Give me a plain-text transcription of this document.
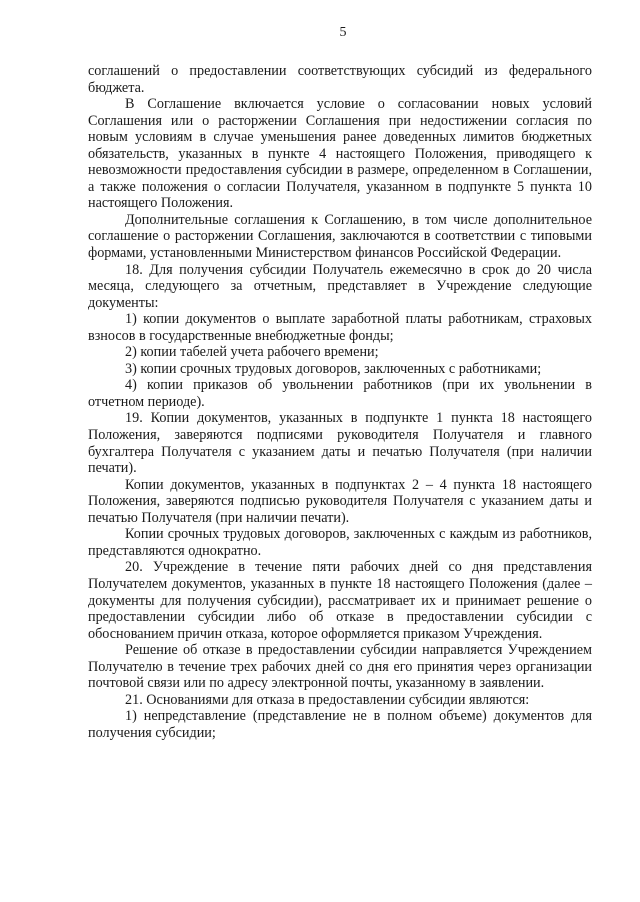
5

соглашений о предоставлении соответствующих субсидий из федерального бюджета.

В Соглашение включается условие о согласовании новых условий Соглашения или о расторжении Соглашения при недостижении согласия по новым условиям в случае уменьшения ранее доведенных лимитов бюджетных обязательств, указанных в пункте 4 настоящего Положения, приводящего к невозможности предоставления субсидии в размере, определенном в Соглашении, а также положения о согласии Получателя, указанном в подпункте 5 пункта 10 настоящего Положения.

Дополнительные соглашения к Соглашению, в том числе дополнительное соглашение о расторжении Соглашения, заключаются в соответствии с типовыми формами, установленными Министерством финансов Российской Федерации.

18. Для получения субсидии Получатель ежемесячно в срок до 20 числа месяца, следующего за отчетным, представляет в Учреждение следующие документы:

1) копии документов о выплате заработной платы работникам, страховых взносов в государственные внебюджетные фонды;

2) копии табелей учета рабочего времени;

3) копии срочных трудовых договоров, заключенных с работниками;

4) копии приказов об увольнении работников (при их увольнении в отчетном периоде).

19. Копии документов, указанных в подпункте 1 пункта 18 настоящего Положения, заверяются подписями руководителя Получателя и главного бухгалтера Получателя с указанием даты и печатью Получателя (при наличии печати).

Копии документов, указанных в подпунктах 2 – 4 пункта 18 настоящего Положения, заверяются подписью руководителя Получателя с указанием даты и печатью Получателя (при наличии печати).

Копии срочных трудовых договоров, заключенных с каждым из работников, представляются однократно.

20. Учреждение в течение пяти рабочих дней со дня представления Получателем документов, указанных в пункте 18 настоящего Положения (далее – документы для получения субсидии), рассматривает их и принимает решение о предоставлении субсидии либо об отказе в предоставлении субсидии с обоснованием причин отказа, которое оформляется приказом Учреждения.

Решение об отказе в предоставлении субсидии направляется Учреждением Получателю в течение трех рабочих дней со дня его принятия через организации почтовой связи или по адресу электронной почты, указанному в заявлении.

21. Основаниями для отказа в предоставлении субсидии являются:

1) непредставление (представление не в полном объеме) документов для получения субсидии;
